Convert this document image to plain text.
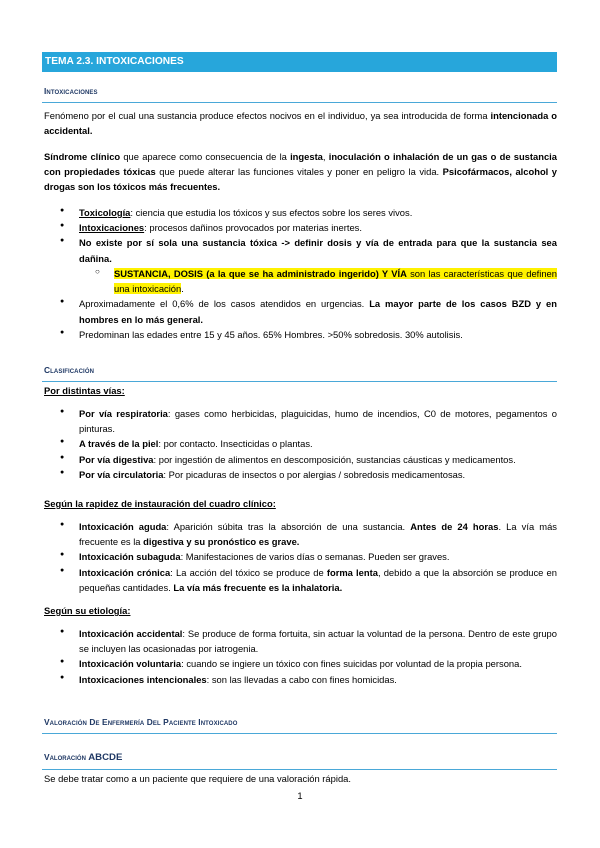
TEMA 2.3. INTOXICACIONES
Intoxicaciones
Fenómeno por el cual una sustancia produce efectos nocivos en el individuo, ya sea introducida de forma intencionada o accidental.
Síndrome clínico que aparece como consecuencia de la ingesta, inoculación o inhalación de un gas o de sustancia con propiedades tóxicas que puede alterar las funciones vitales y poner en peligro la vida. Psicofármacos, alcohol y drogas son los tóxicos más frecuentes.
● Toxicología: ciencia que estudia los tóxicos y sus efectos sobre los seres vivos.
● Intoxicaciones: procesos dañinos provocados por materias inertes.
● No existe por sí sola una sustancia tóxica -> definir dosis y vía de entrada para que la sustancia sea dañina.
○ SUSTANCIA, DOSIS (a la que se ha administrado ingerido) Y VÍA son las características que definen una intoxicación.
● Aproximadamente el 0,6% de los casos atendidos en urgencias. La mayor parte de los casos BZD y en hombres en lo más general.
● Predominan las edades entre 15 y 45 años. 65% Hombres. >50% sobredosis. 30% autolisis.
Clasificación
Por distintas vías:
● Por vía respiratoria: gases como herbicidas, plaguicidas, humo de incendios, C0 de motores, pegamentos o pinturas.
● A través de la piel: por contacto. Insecticidas o plantas.
● Por vía digestiva: por ingestión de alimentos en descomposición, sustancias cáusticas y medicamentos.
● Por vía circulatoria: Por picaduras de insectos o por alergias / sobredosis medicamentosas.
Según la rapidez de instauración del cuadro clínico:
● Intoxicación aguda: Aparición súbita tras la absorción de una sustancia. Antes de 24 horas. La vía más frecuente es la digestiva y su pronóstico es grave.
● Intoxicación subaguda: Manifestaciones de varios días o semanas. Pueden ser graves.
● Intoxicación crónica: La acción del tóxico se produce de forma lenta, debido a que la absorción se produce en pequeñas cantidades. La vía más frecuente es la inhalatoria.
Según su etiología:
● Intoxicación accidental: Se produce de forma fortuita, sin actuar la voluntad de la persona. Dentro de este grupo se incluyen las ocasionadas por iatrogenia.
● Intoxicación voluntaria: cuando se ingiere un tóxico con fines suicidas por voluntad de la propia persona.
● Intoxicaciones intencionales: son las llevadas a cabo con fines homicidas.
Valoración De Enfermería Del Paciente Intoxicado
Valoración ABCDE
Se debe tratar como a un paciente que requiere de una valoración rápida.
1
